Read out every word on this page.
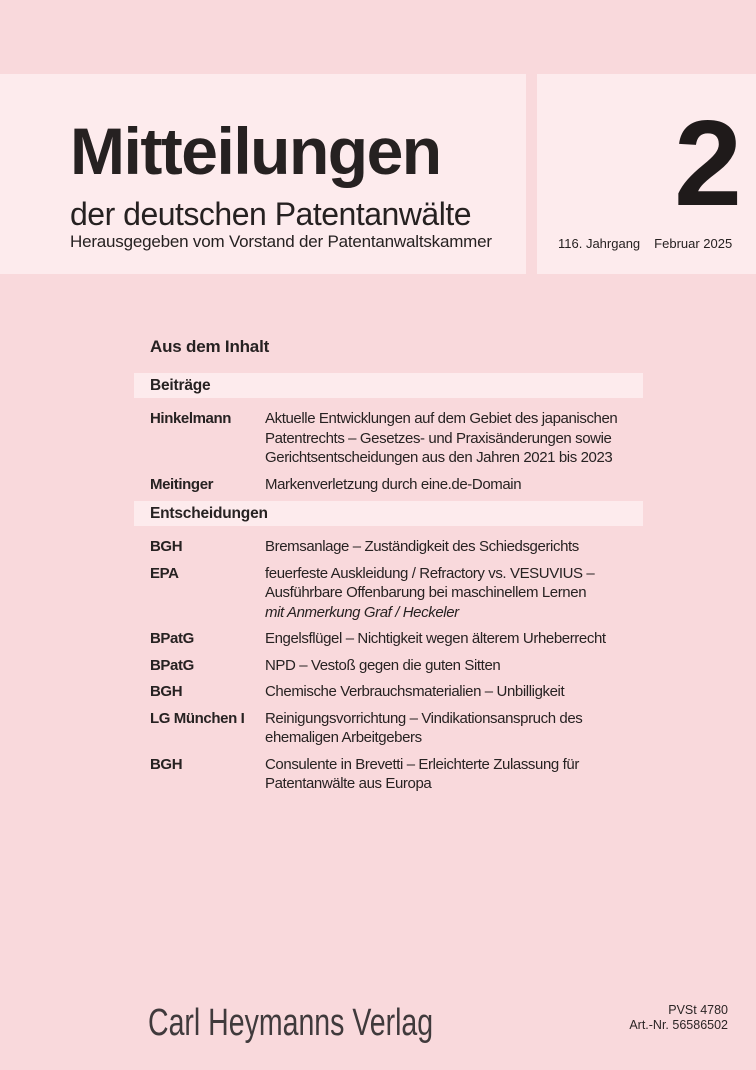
Mitteilungen
der deutschen Patentanwälte

Herausgegeben vom Vorstand der Patentanwaltskammer

2
116. Jahrgang Februar 2025
Aus dem Inhalt
Beiträge
Hinkelmann	Aktuelle Entwicklungen auf dem Gebiet des japanischen
Patentrechts – Gesetzes- und Praxisänderungen sowie
Gerichtsentscheidungen aus den Jahren 2021 bis 2023
Meitinger	Markenverletzung durch eine.de-Domain
Entscheidungen
BGH	Bremsanlage – Zuständigkeit des Schiedsgerichts
EPA	feuerfeste Auskleidung / Refractory vs. VESUVIUS –
Ausführbare Offenbarung bei maschinellem Lernen
mit Anmerkung Graf / Heckeler
BPatG	Engelsflügel – Nichtigkeit wegen älterem Urheberrecht
BPatG	NPD – Vestoß gegen die guten Sitten
BGH	Chemische Verbrauchsmaterialien – Unbilligkeit
LG München I	Reinigungsvorrichtung – Vindikationsanspruch des
ehemaligen Arbeitgebers
BGH	Consulente in Brevetti – Erleichterte Zulassung für
Patentanwälte aus Europa
Carl Heymanns Verlag	PVSt 4780
Art.-Nr. 56586502
